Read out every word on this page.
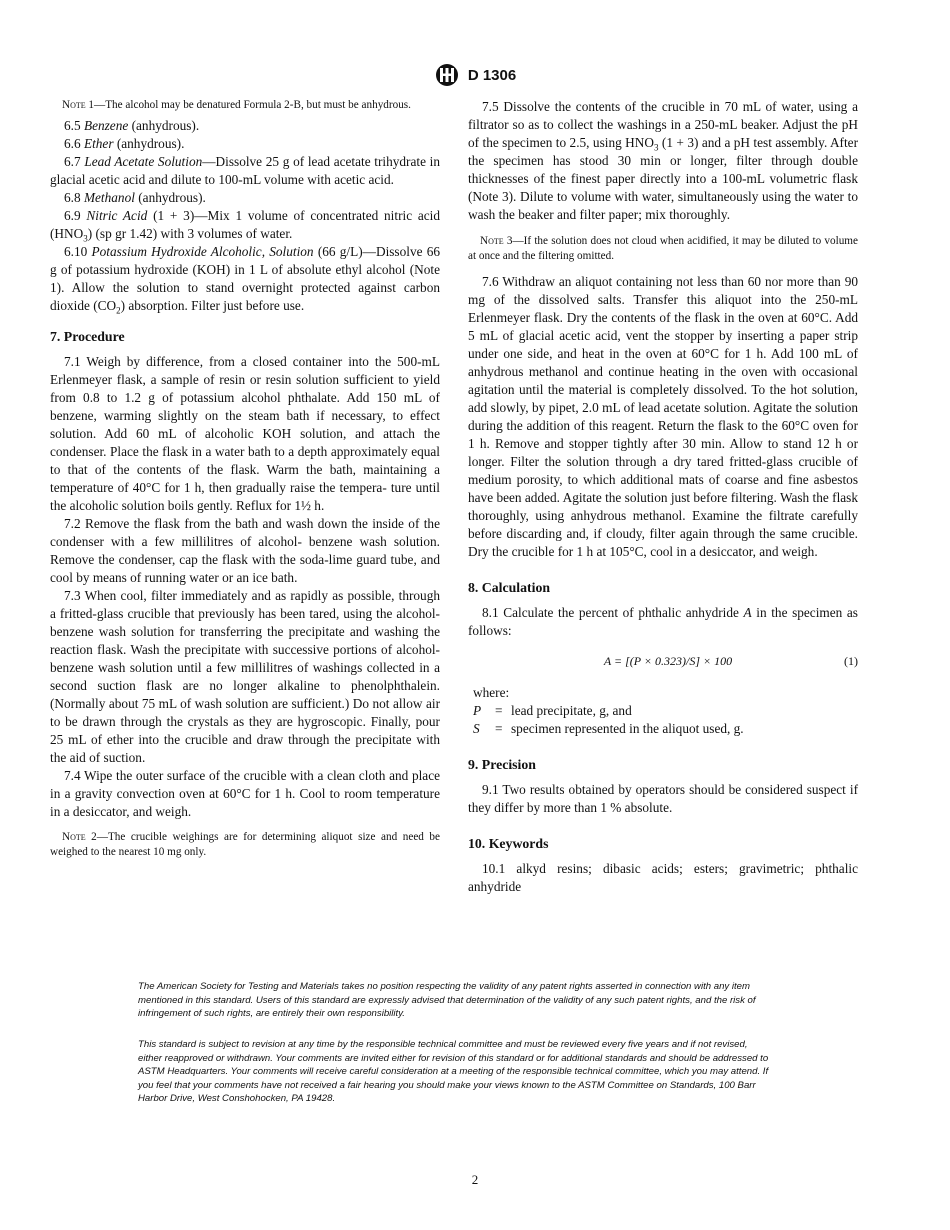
D 1306

Note 1—The alcohol may be denatured Formula 2-B, but must be anhydrous.

6.5 Benzene (anhydrous).

6.6 Ether (anhydrous).

6.7 Lead Acetate Solution—Dissolve 25 g of lead acetate trihydrate in glacial acetic acid and dilute to 100-mL volume with acetic acid.

6.8 Methanol (anhydrous).

6.9 Nitric Acid (1 + 3)—Mix 1 volume of concentrated nitric acid $(HNO_3)$ (sp gr 1.42) with 3 volumes of water.

6.10 Potassium Hydroxide Alcoholic, Solution (66 g/L)—Dissolve 66 g of potassium hydroxide (KOH) in 1 L of absolute ethyl alcohol (Note 1). Allow the solution to stand overnight protected against carbon dioxide $(CO_2)$ absorption. Filter just before use.

7. Procedure

7.1 Weigh by difference, from a closed container into the 500-mL Erlenmeyer flask, a sample of resin or resin solution sufficient to yield from 0.8 to 1.2 g of potassium alcohol phthalate. Add 150 mL of benzene, warming slightly on the steam bath if necessary, to effect solution. Add 60 mL of alcoholic KOH solution, and attach the condenser. Place the flask in a water bath to a depth approximately equal to that of the contents of the flask. Warm the bath, maintaining a temperature of 40°C for 1 h, then gradually raise the tempera- ture until the alcoholic solution boils gently. Reflux for 1½ h.

7.2 Remove the flask from the bath and wash down the inside of the condenser with a few millilitres of alcohol- benzene wash solution. Remove the condenser, cap the flask with the soda-lime guard tube, and cool by means of running water or an ice bath.

7.3 When cool, filter immediately and as rapidly as possible, through a fritted-glass crucible that previously has been tared, using the alcohol-benzene wash solution for transferring the precipitate and washing the reaction flask. Wash the precipitate with successive portions of alcohol-benzene wash solution until a few millilitres of washings collected in a second suction flask are no longer alkaline to phenolphthalein. (Normally about 75 mL of wash solution are sufficient.) Do not allow air to be drawn through the crystals as they are hygroscopic. Finally, pour 25 mL of ether into the crucible and draw through the precipitate with the aid of suction.

7.4 Wipe the outer surface of the crucible with a clean cloth and place in a gravity convection oven at 60°C for 1 h. Cool to room temperature in a desiccator, and weigh.

Note 2—The crucible weighings are for determining aliquot size and need be weighed to the nearest 10 mg only.

7.5 Dissolve the contents of the crucible in 70 mL of water, using a filtrator so as to collect the washings in a 250-mL beaker. Adjust the pH of the specimen to 2.5, using $HNO_3$ (1 + 3) and a pH test assembly. After the specimen has stood 30 min or longer, filter through double thicknesses of the finest paper directly into a 100-mL volumetric flask (Note 3). Dilute to volume with water, simultaneously using the water to wash the beaker and filter paper; mix thoroughly.

Note 3—If the solution does not cloud when acidified, it may be diluted to volume at once and the filtering omitted.

7.6 Withdraw an aliquot containing not less than 60 nor more than 90 mg of the dissolved salts. Transfer this aliquot into the 250-mL Erlenmeyer flask. Dry the contents of the flask in the oven at 60°C. Add 5 mL of glacial acetic acid, vent the stopper by inserting a paper strip under one side, and heat in the oven at 60°C for 1 h. Add 100 mL of anhydrous methanol and continue heating in the oven with occasional agitation until the material is completely dissolved. To the hot solution, add slowly, by pipet, 2.0 mL of lead acetate solution. Agitate the solution during the addition of this reagent. Return the flask to the 60°C oven for 1 h. Remove and stopper tightly after 30 min. Allow to stand 12 h or longer. Filter the solution through a dry tared fritted-glass crucible of medium porosity, to which additional mats of coarse and fine asbestos have been added. Agitate the solution just before filtering. Wash the flask thoroughly, using anhydrous methanol. Examine the filtrate carefully before discarding and, if cloudy, filter again through the same crucible. Dry the crucible for 1 h at 105°C, cool in a desiccator, and weigh.

8. Calculation

8.1 Calculate the percent of phthalic anhydride A in the specimen as follows:

A = [(P × 0.323)/S] × 100	(1)

where:

P	= lead precipitate, g, and
S	= specimen represented in the aliquot used, g.
9. Precision

9.1 Two results obtained by operators should be considered suspect if they differ by more than 1 % absolute.

10. Keywords

10.1 alkyd resins; dibasic acids; esters; gravimetric; phthalic anhydride

The American Society for Testing and Materials takes no position respecting the validity of any patent rights asserted in connection with any item mentioned in this standard. Users of this standard are expressly advised that determination of the validity of any such patent rights, and the risk of infringement of such rights, are entirely their own responsibility.

This standard is subject to revision at any time by the responsible technical committee and must be reviewed every five years and if not revised, either reapproved or withdrawn. Your comments are invited either for revision of this standard or for additional standards and should be addressed to ASTM Headquarters. Your comments will receive careful consideration at a meeting of the responsible technical committee, which you may attend. If you feel that your comments have not received a fair hearing you should make your views known to the ASTM Committee on Standards, 100 Barr Harbor Drive, West Conshohocken, PA 19428.

2
